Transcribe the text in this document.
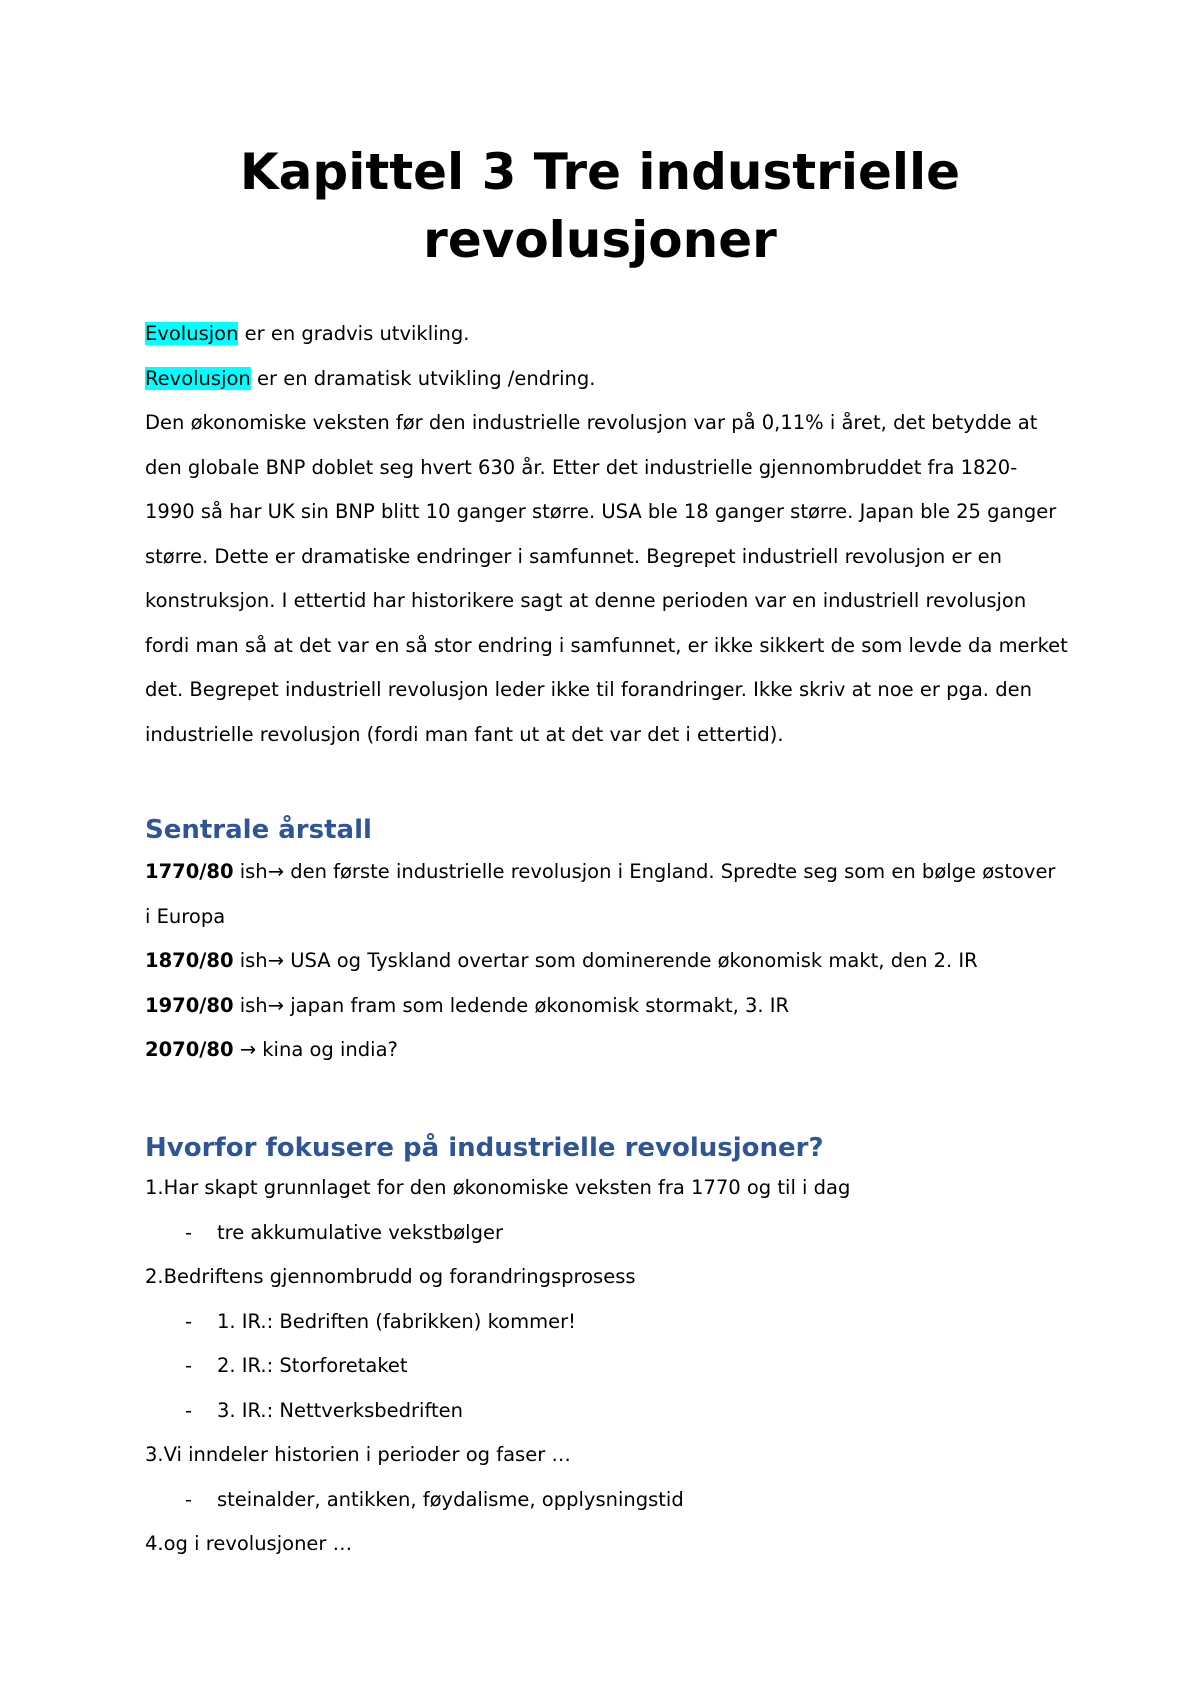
Kapittel 3 Tre industrielle
revolusjoner

Evolusjon er en gradvis utvikling.

Revolusjon er en dramatisk utvikling /endring.

Den økonomiske veksten før den industrielle revolusjon var på 0,11% i året, det betydde at

den globale BNP doblet seg hvert 630 år. Etter det industrielle gjennombruddet fra 1820-

1990 så har UK sin BNP blitt 10 ganger større. USA ble 18 ganger større. Japan ble 25 ganger

større. Dette er dramatiske endringer i samfunnet. Begrepet industriell revolusjon er en

konstruksjon. I ettertid har historikere sagt at denne perioden var en industriell revolusjon

fordi man så at det var en så stor endring i samfunnet, er ikke sikkert de som levde da merket

det. Begrepet industriell revolusjon leder ikke til forandringer. Ikke skriv at noe er pga. den

industrielle revolusjon (fordi man fant ut at det var det i ettertid).

Sentrale årstall

1770/80 ish→ den første industrielle revolusjon i England. Spredte seg som en bølge østover

i Europa

1870/80 ish→ USA og Tyskland overtar som dominerende økonomisk makt, den 2. IR

1970/80 ish→ japan fram som ledende økonomisk stormakt, 3. IR

2070/80 → kina og india?

Hvorfor fokusere på industrielle revolusjoner?

1.Har skapt grunnlaget for den økonomiske veksten fra 1770 og til i dag

-	tre akkumulative vekstbølger

2.Bedriftens gjennombrudd og forandringsprosess

-	1. IR.: Bedriften (fabrikken) kommer!
-	2. IR.: Storforetaket
-	3. IR.: Nettverksbedriften

3.Vi inndeler historien i perioder og faser …

-	steinalder, antikken, føydalisme, opplysningstid

4.og i revolusjoner …
